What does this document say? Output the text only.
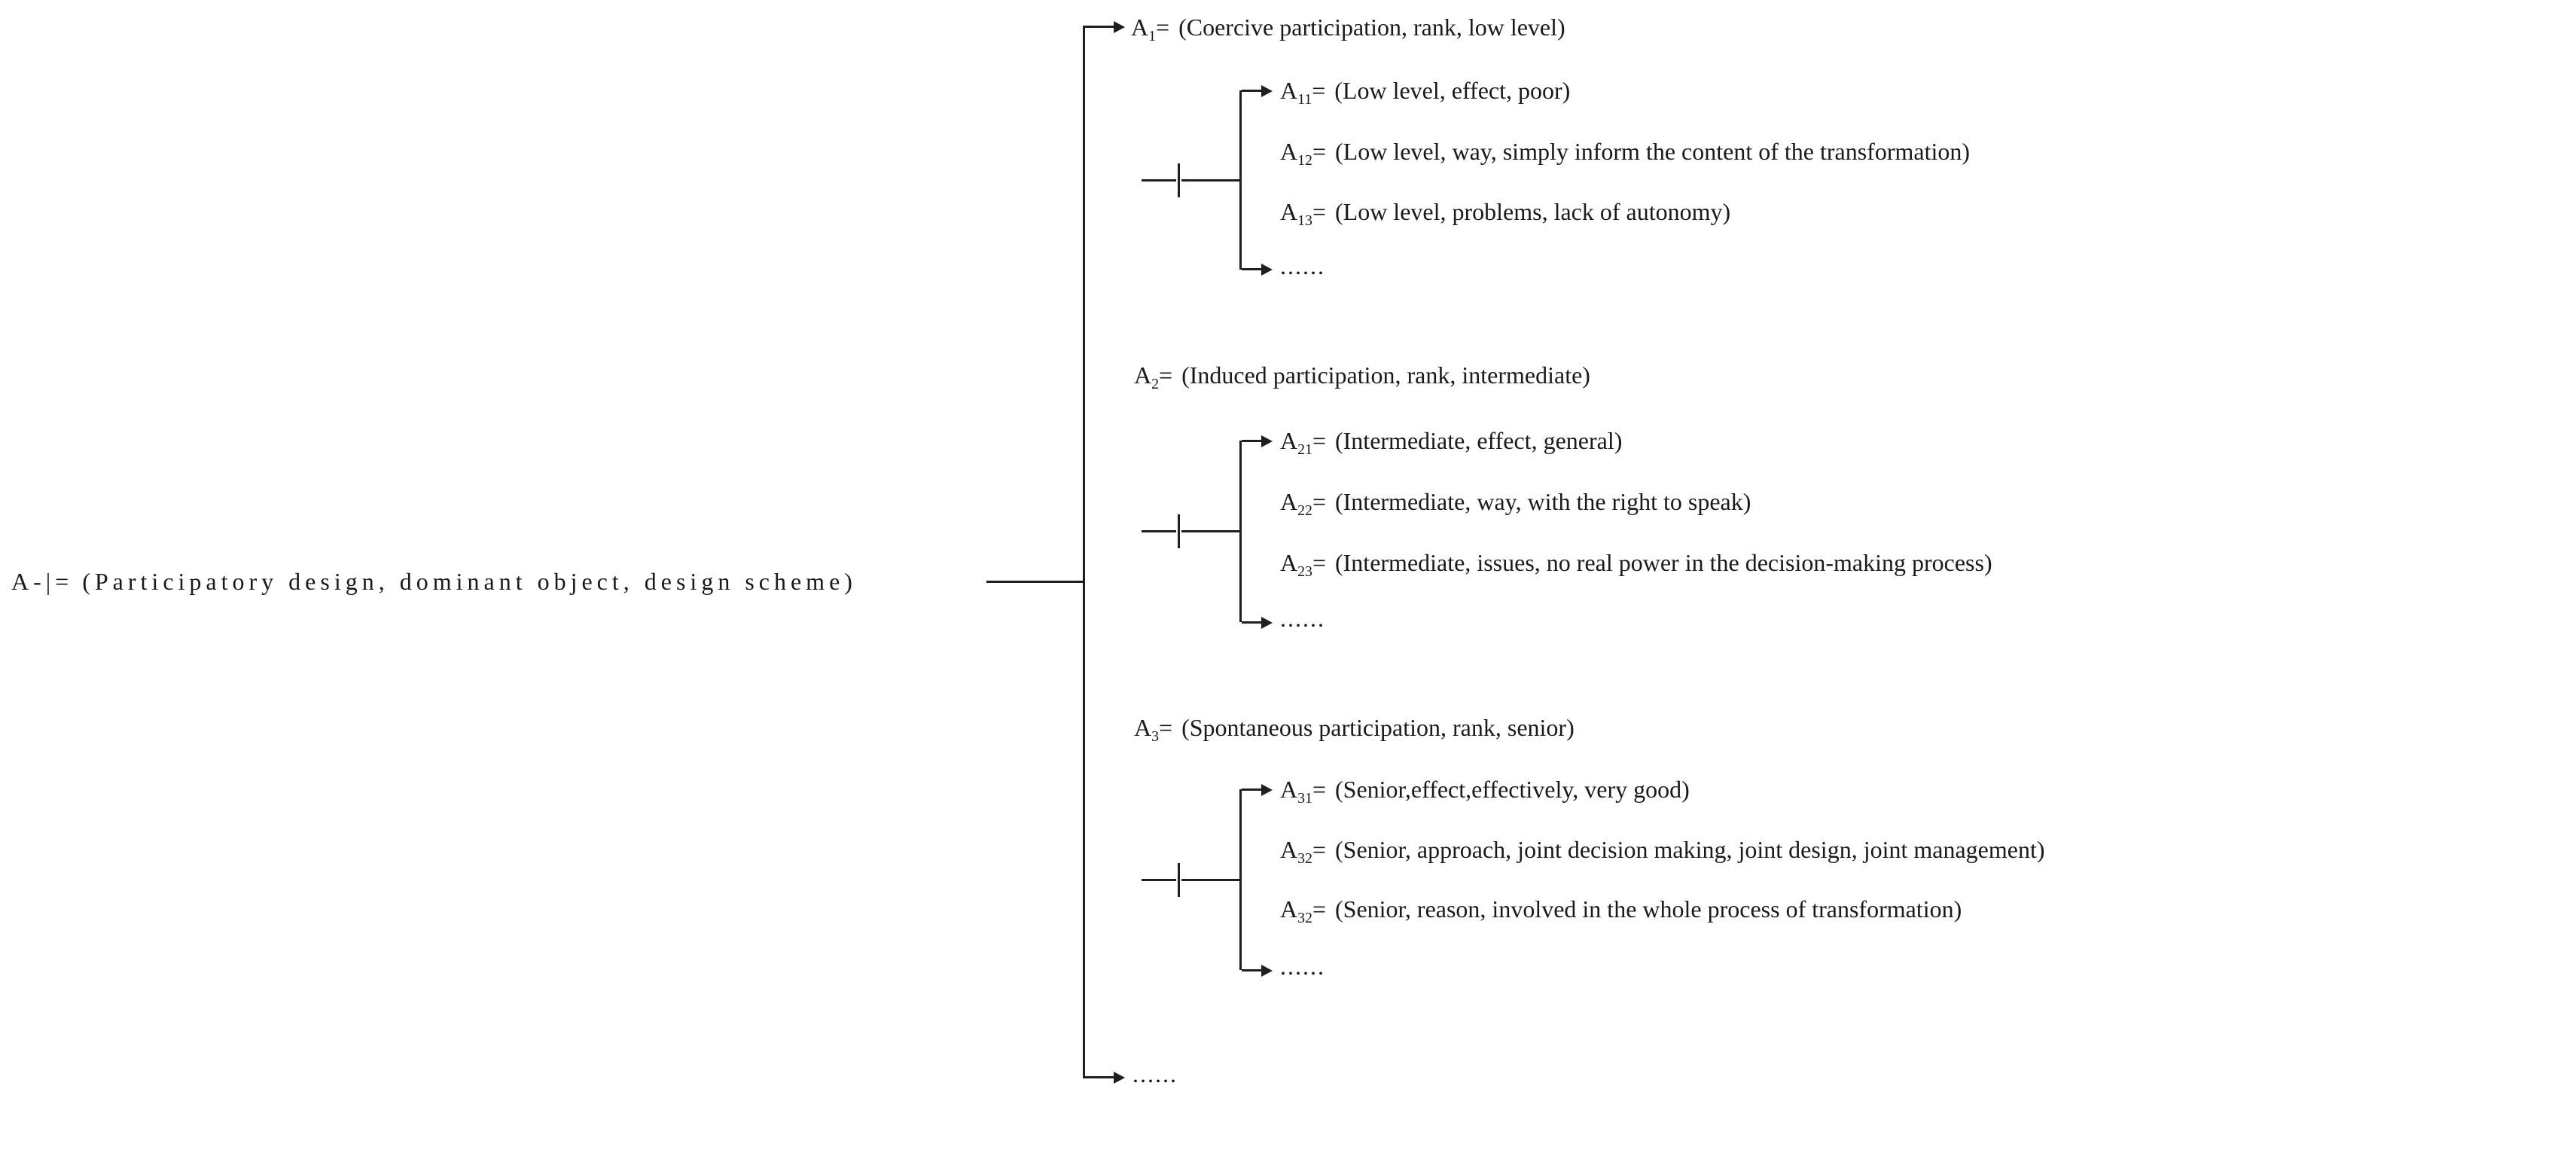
A-|= (Participatory design, dominant object, design scheme)
$A_1=$ (Coercive participation, rank, low level)
$A_{11}= (Low$ level, effect, poor)
$A_{12}= (Low$ level, way, simply inform the content of the transformation)
$A_{13}= (Low$ level, problems, lack of autonomy)
......
$A_2=$ (Induced participation, rank, intermediate)
$A_{21}=$ (Intermediate, effect, general)
$A_{22}=$ (Intermediate, way, with the right to speak)
$A_{23}=$ (Intermediate, issues, no real power in the decision-making process)
......
$A_3=$ (Spontaneous participation, rank, senior)
$A_{31}=$ (Senior,effect,effectively, very good)
$A_{32}=$ (Senior, approach, joint decision making, joint design, joint management)
$A_{32}=$ (Senior, reason, involved in the whole process of transformation)
......
......
